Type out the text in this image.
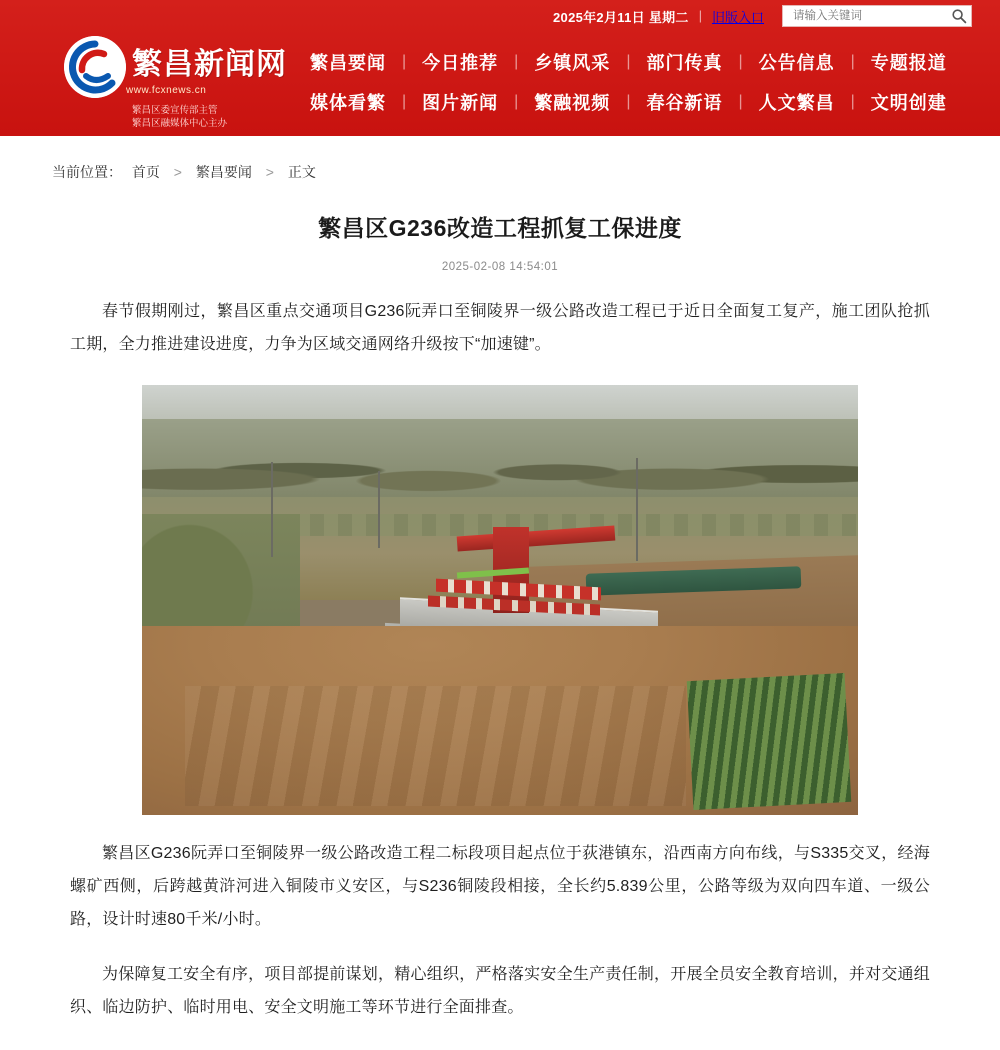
2025年2月11日 星期二 | 旧版入口
请输入关键词
繁昌新闻网
www.fcxnews.cn
繁昌区委宣传部主管
繁昌区融媒体中心主办
繁昌要闻	| 今日推荐	| 乡镇风采	| 部门传真	| 公告信息	| 专题报道
媒体看繁	| 图片新闻	| 繁融视频	| 春谷新语	| 人文繁昌	| 文明创建
当前位置： 首页 > 繁昌要闻 > 正文
繁昌区G236改造工程抓复工保进度
2025-02-08 14:54:01

春节假期刚过，繁昌区重点交通项目G236阮弄口至铜陵界一级公路改造工程已于近日全面复工复产，施工团队抢抓工期，全力推进建设进度，力争为区域交通网络升级按下“加速键”。

繁昌区G236阮弄口至铜陵界一级公路改造工程二标段项目起点位于荻港镇东，沿西南方向布线，与S335交叉，经海螺矿西侧，后跨越黄浒河进入铜陵市义安区，与S236铜陵段相接，全长约5.839公里，公路等级为双向四车道、一级公路，设计时速80千米/小时。

为保障复工安全有序，项目部提前谋划，精心组织，严格落实安全生产责任制，开展全员安全教育培训，并对交通组织、临边防护、临时用电、安全文明施工等环节进行全面排查。
